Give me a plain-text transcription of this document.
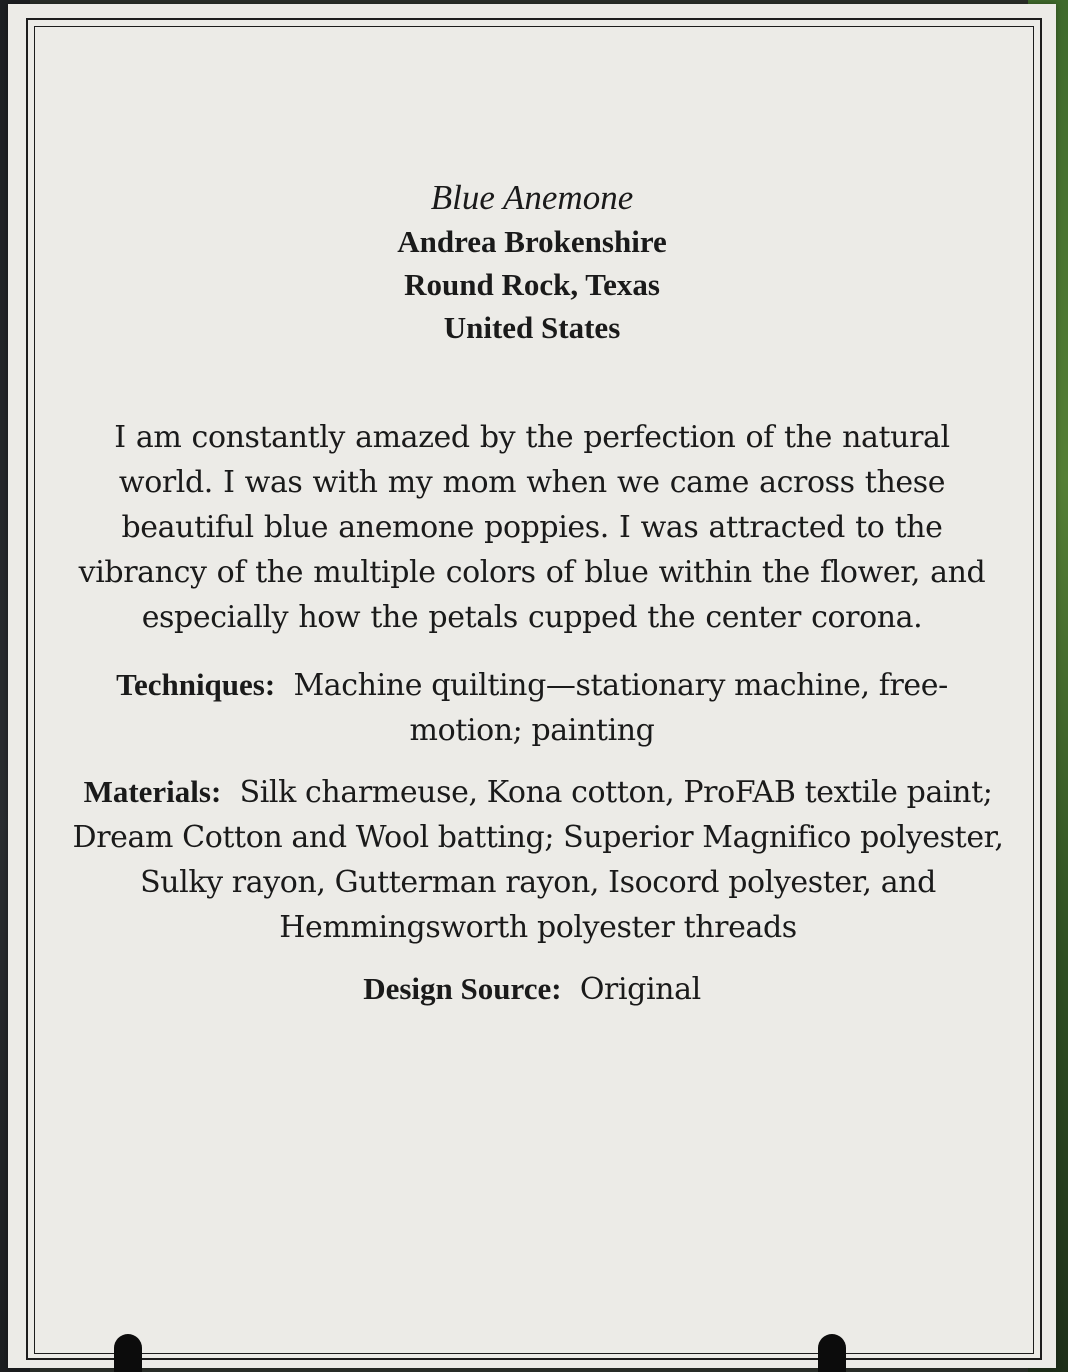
Blue Anemone

Andrea Brokenshire

Round Rock, Texas

United States

I am constantly amazed by the perfection of the natural world. I was with my mom when we came across these beautiful blue anemone poppies. I was attracted to the vibrancy of the multiple colors of blue within the flower, and especially how the petals cupped the center corona.

Techniques: Machine quilting—stationary machine, free-motion; painting

Materials: Silk charmeuse, Kona cotton, ProFAB textile paint; Dream Cotton and Wool batting; Superior Magnifico polyester, Sulky rayon, Gutterman rayon, Isocord polyester, and Hemmingsworth polyester threads

Design Source: Original
